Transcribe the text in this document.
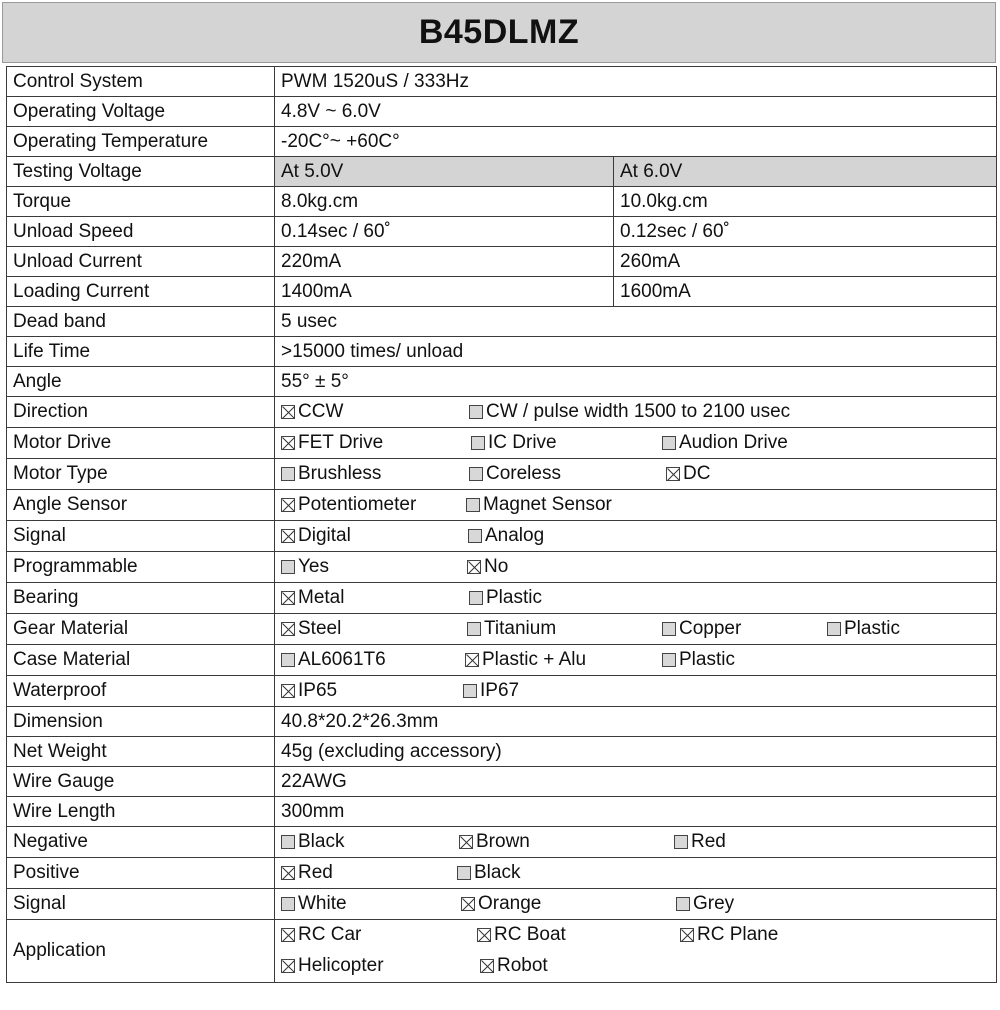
B45DLMZ
Control System	PWM 1520uS / 333Hz	
Operating Voltage	4.8V ~ 6.0V	
Operating Temperature	-20C°~ +60C°	
Testing Voltage	At 5.0V	At 6.0V
Torque	8.0kg.cm	10.0kg.cm
Unload Speed	0.14sec / 60˚	0.12sec / 60˚
Unload Current	220mA	260mA
Loading Current	1400mA	1600mA
Dead band	5 usec	
Life Time	>15000 times/ unload	
Angle	55° ± 5°	
Direction	CCW CW / pulse width 1500 to 2100 usec	

Motor Drive	FET Drive IC Drive Audion Drive	

Motor Type	Brushless Coreless DC	

Angle Sensor	Potentiometer Magnet Sensor	

Signal	Digital Analog	

Programmable	Yes No	

Bearing	Metal Plastic	

Gear Material	Steel Titanium Copper Plastic	

Case Material	AL6061T6 Plastic + Alu Plastic	

Waterproof	IP65 IP67	

Dimension	40.8*20.2*26.3mm	
Net Weight	45g (excluding accessory)	
Wire Gauge	22AWG	
Wire Length	300mm	
Negative	Black Brown Red	

Positive	Red Black	

Signal	White Orange Grey	

Application	RC Car RC Boat RC Plane
Helicopter Robot	
